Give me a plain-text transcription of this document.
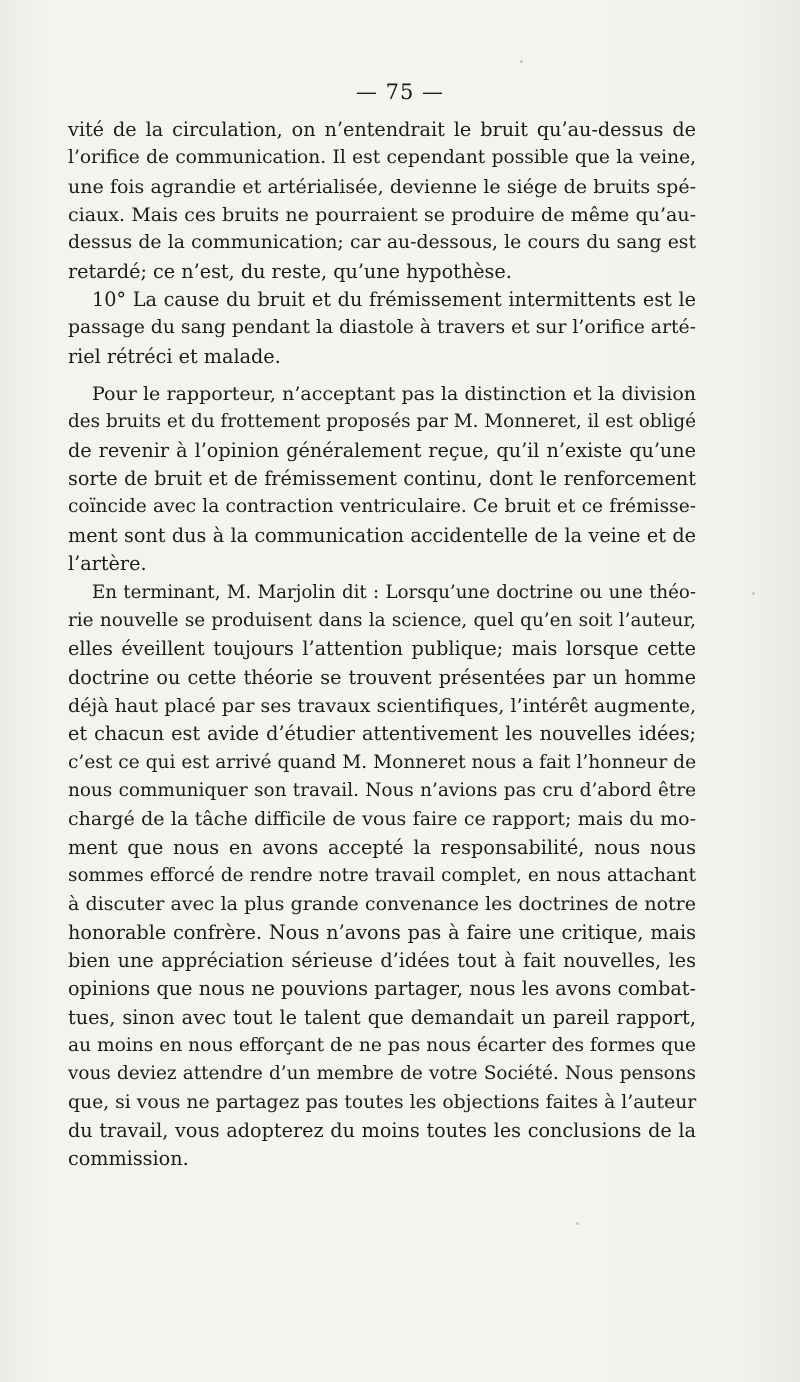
— 75 —
vité de la circulation, on n’entendrait le bruit qu’au-dessus de
l’orifice de communication. Il est cependant possible que la veine,
une fois agrandie et artérialisée, devienne le siége de bruits spé-
ciaux. Mais ces bruits ne pourraient se produire de même qu’au-
dessus de la communication; car au-dessous, le cours du sang est
retardé; ce n’est, du reste, qu’une hypothèse.
10° La cause du bruit et du frémissement intermittents est le
passage du sang pendant la diastole à travers et sur l’orifice arté-
riel rétréci et malade.
Pour le rapporteur, n’acceptant pas la distinction et la division
des bruits et du frottement proposés par M. Monneret, il est obligé
de revenir à l’opinion généralement reçue, qu’il n’existe qu’une
sorte de bruit et de frémissement continu, dont le renforcement
coïncide avec la contraction ventriculaire. Ce bruit et ce frémisse-
ment sont dus à la communication accidentelle de la veine et de
l’artère.
En terminant, M. Marjolin dit : Lorsqu’une doctrine ou une théo-
rie nouvelle se produisent dans la science, quel qu’en soit l’auteur,
elles éveillent toujours l’attention publique; mais lorsque cette
doctrine ou cette théorie se trouvent présentées par un homme
déjà haut placé par ses travaux scientifiques, l’intérêt augmente,
et chacun est avide d’étudier attentivement les nouvelles idées;
c’est ce qui est arrivé quand M. Monneret nous a fait l’honneur de
nous communiquer son travail. Nous n’avions pas cru d’abord être
chargé de la tâche difficile de vous faire ce rapport; mais du mo-
ment que nous en avons accepté la responsabilité, nous nous
sommes efforcé de rendre notre travail complet, en nous attachant
à discuter avec la plus grande convenance les doctrines de notre
honorable confrère. Nous n’avons pas à faire une critique, mais
bien une appréciation sérieuse d’idées tout à fait nouvelles, les
opinions que nous ne pouvions partager, nous les avons combat-
tues, sinon avec tout le talent que demandait un pareil rapport,
au moins en nous efforçant de ne pas nous écarter des formes que
vous deviez attendre d’un membre de votre Société. Nous pensons
que, si vous ne partagez pas toutes les objections faites à l’auteur
du travail, vous adopterez du moins toutes les conclusions de la
commission.
